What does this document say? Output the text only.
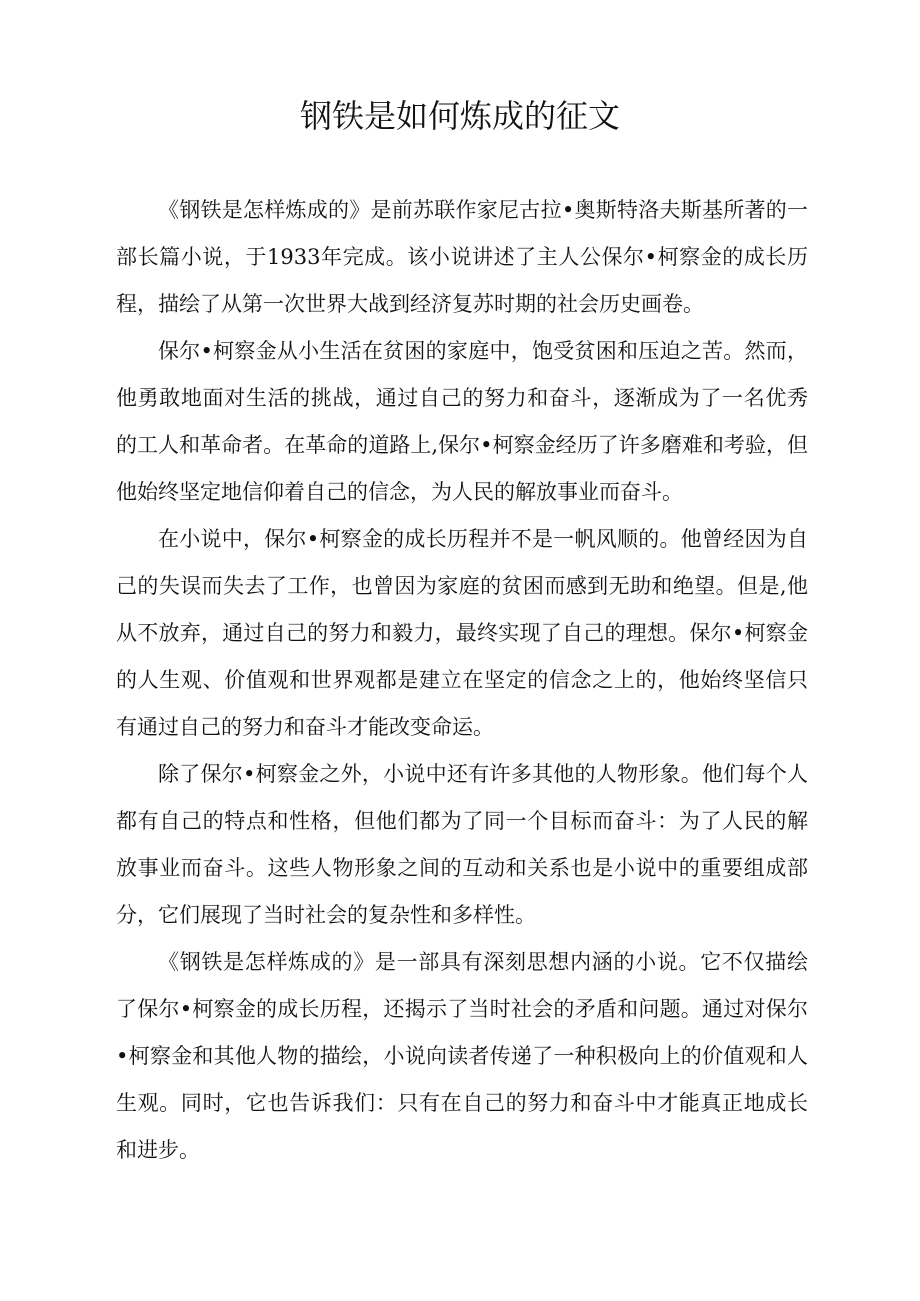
钢铁是如何炼成的征文

《钢铁是怎样炼成的》是前苏联作家尼古拉•奥斯特洛夫斯基所著的一部长篇小说，于1933年完成。该小说讲述了主人公保尔•柯察金的成长历程，描绘了从第一次世界大战到经济复苏时期的社会历史画卷。

保尔•柯察金从小生活在贫困的家庭中，饱受贫困和压迫之苦。然而，他勇敢地面对生活的挑战，通过自己的努力和奋斗，逐渐成为了一名优秀的工人和革命者。在革命的道路上,保尔•柯察金经历了许多磨难和考验，但他始终坚定地信仰着自己的信念，为人民的解放事业而奋斗。

在小说中，保尔•柯察金的成长历程并不是一帆风顺的。他曾经因为自己的失误而失去了工作，也曾因为家庭的贫困而感到无助和绝望。但是,他从不放弃，通过自己的努力和毅力，最终实现了自己的理想。保尔•柯察金的人生观、价值观和世界观都是建立在坚定的信念之上的，他始终坚信只有通过自己的努力和奋斗才能改变命运。

除了保尔•柯察金之外，小说中还有许多其他的人物形象。他们每个人都有自己的特点和性格，但他们都为了同一个目标而奋斗：为了人民的解放事业而奋斗。这些人物形象之间的互动和关系也是小说中的重要组成部分，它们展现了当时社会的复杂性和多样性。

《钢铁是怎样炼成的》是一部具有深刻思想内涵的小说。它不仅描绘了保尔•柯察金的成长历程，还揭示了当时社会的矛盾和问题。通过对保尔•柯察金和其他人物的描绘，小说向读者传递了一种积极向上的价值观和人生观。同时，它也告诉我们：只有在自己的努力和奋斗中才能真正地成长和进步。
